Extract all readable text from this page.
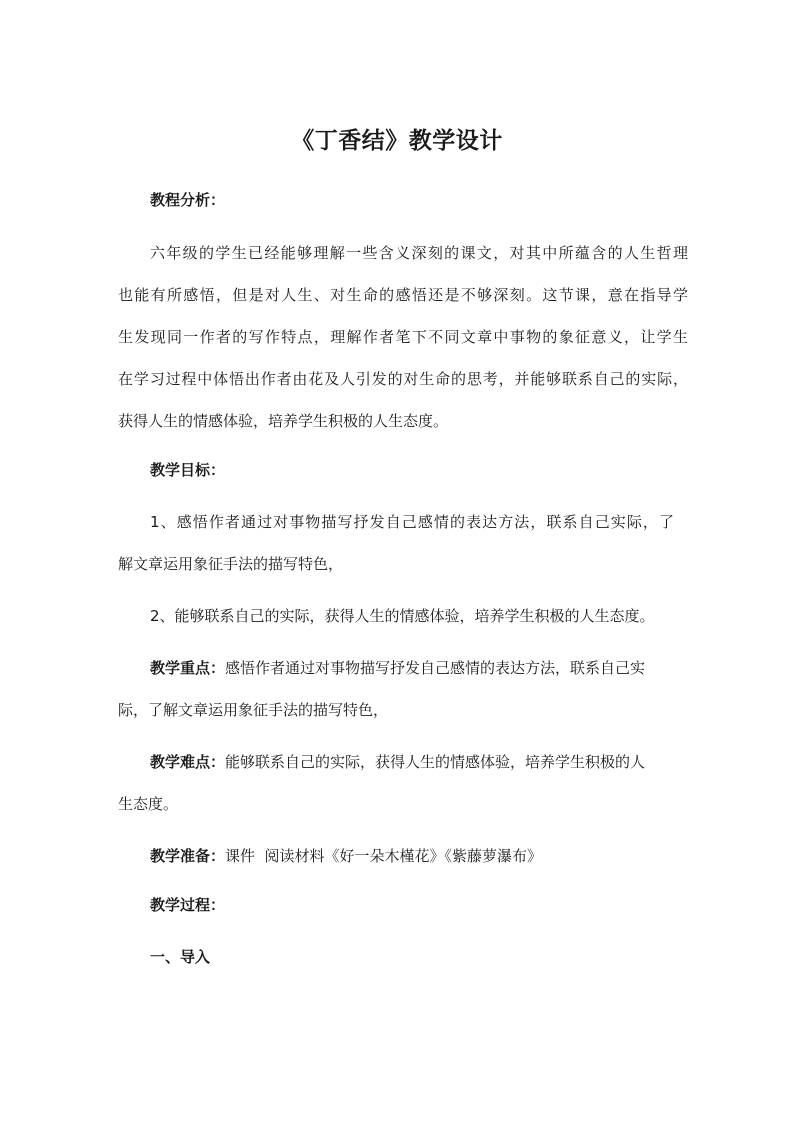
《丁香结》教学设计

教程分析：

六年级的学生已经能够理解一些含义深刻的课文，对其中所蕴含的人生哲理

也能有所感悟，但是对人生、对生命的感悟还是不够深刻。这节课，意在指导学

生发现同一作者的写作特点，理解作者笔下不同文章中事物的象征意义，让学生

在学习过程中体悟出作者由花及人引发的对生命的思考，并能够联系自己的实际，

获得人生的情感体验，培养学生积极的人生态度。

教学目标：

1、感悟作者通过对事物描写抒发自己感情的表达方法，联系自己实际，了

解文章运用象征手法的描写特色，

2、能够联系自己的实际，获得人生的情感体验，培养学生积极的人生态度。

教学重点：感悟作者通过对事物描写抒发自己感情的表达方法，联系自己实

际，了解文章运用象征手法的描写特色，

教学难点：能够联系自己的实际，获得人生的情感体验，培养学生积极的人

生态度。

教学准备：课件  阅读材料《好一朵木槿花》《紫藤萝瀑布》

教学过程：

一、导入
